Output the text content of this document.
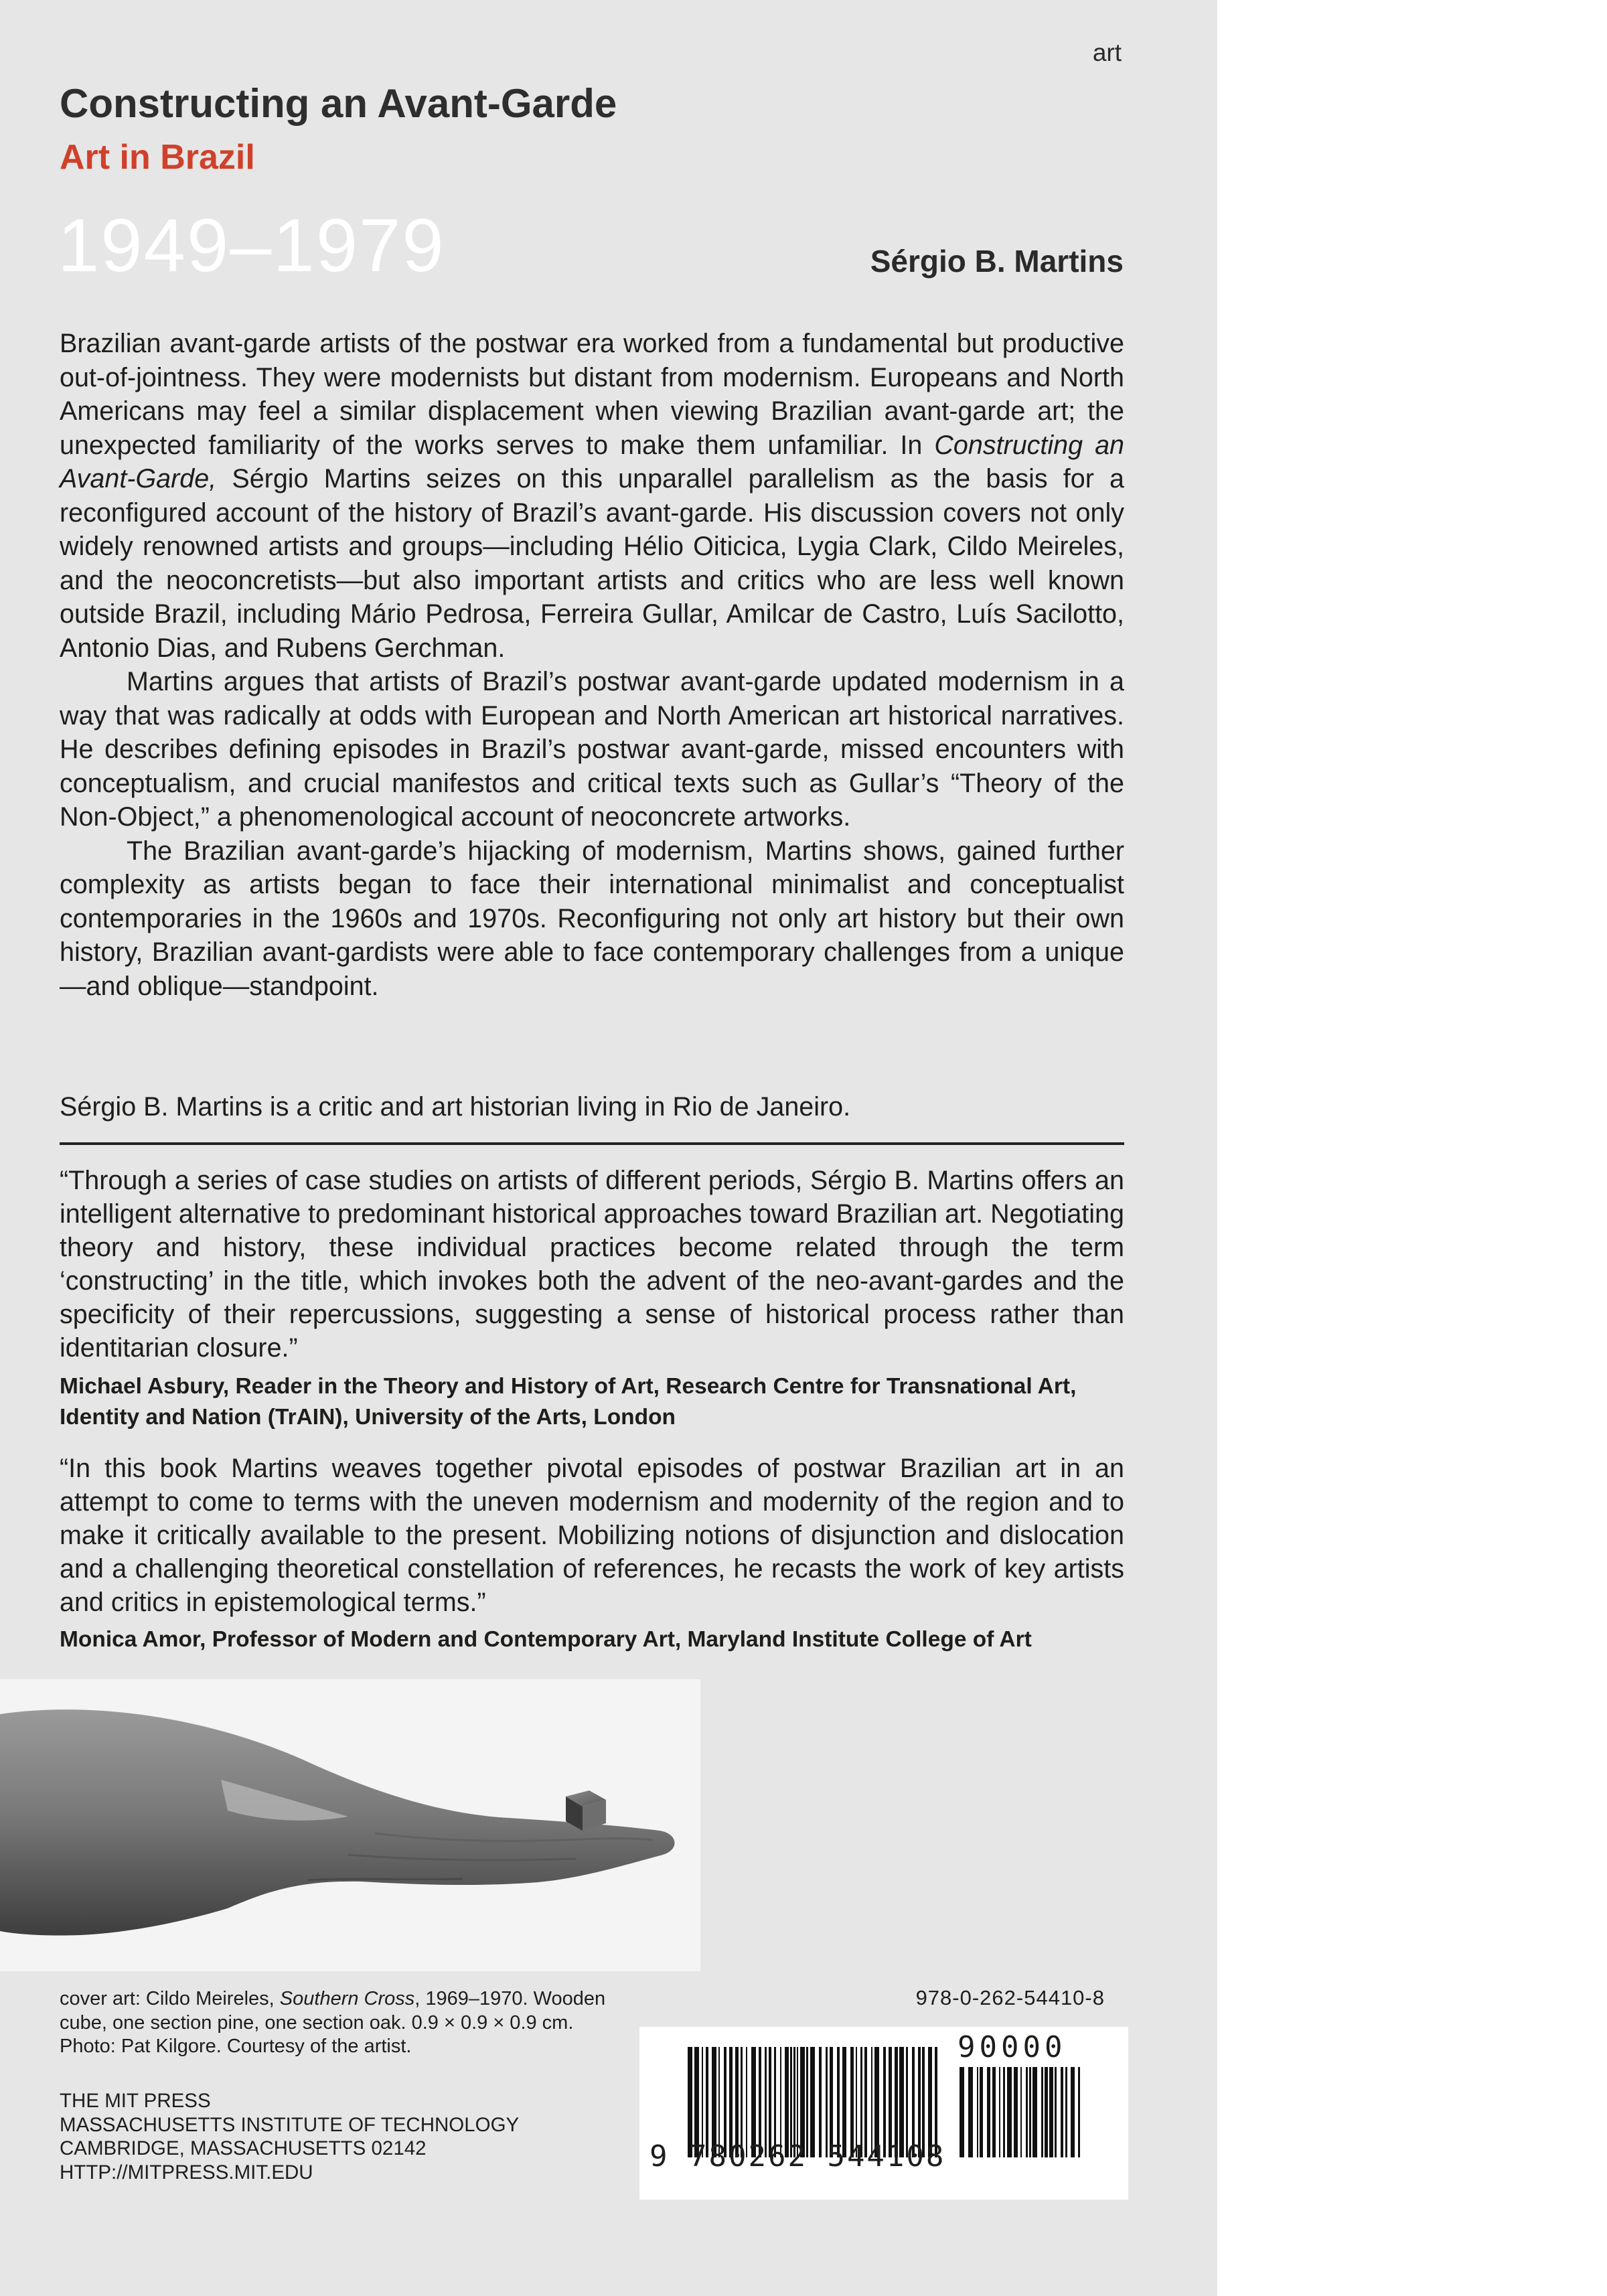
art
Constructing an Avant-Garde
Art in Brazil
1949–1979	Sérgio B. Martins

Brazilian avant-garde artists of the postwar era worked from a fundamental but productive out-of-jointness. They were modernists but distant from modernism. Europeans and North Americans may feel a similar displacement when viewing Brazilian avant-garde art; the unexpected familiarity of the works serves to make them unfamiliar. In Constructing an Avant-Garde, Sérgio Martins seizes on this unparallel parallelism as the basis for a reconfigured account of the history of Brazil’s avant-garde. His discussion covers not only widely renowned artists and groups—including Hélio Oiticica, Lygia Clark, Cildo Meireles, and the neoconcretists—but also important artists and critics who are less well known outside Brazil, including Mário Pedrosa, Ferreira Gullar, Amilcar de Castro, Luís Sacilotto, Antonio Dias, and Rubens Gerchman.

Martins argues that artists of Brazil’s postwar avant-garde updated modernism in a way that was radically at odds with European and North American art historical narratives. He describes defining episodes in Brazil’s postwar avant-garde, missed encounters with conceptualism, and crucial manifestos and critical texts such as Gullar’s “Theory of the Non-Object,” a phenomenological account of neoconcrete artworks.

The Brazilian avant-garde’s hijacking of modernism, Martins shows, gained further complexity as artists began to face their international minimalist and conceptualist contemporaries in the 1960s and 1970s. Reconfiguring not only art history but their own history, Brazilian avant-gardists were able to face contemporary challenges from a unique—and oblique—standpoint.

Sérgio B. Martins is a critic and art historian living in Rio de Janeiro.
“Through a series of case studies on artists of different periods, Sérgio B. Martins offers an intelligent alternative to predominant historical approaches toward Brazilian art. Negotiating theory and history, these individual practices become related through the term ‘constructing’ in the title, which invokes both the advent of the neo-avant-gardes and the specificity of their repercussions, suggesting a sense of historical process rather than identitarian closure.”
Michael Asbury, Reader in the Theory and History of Art, Research Centre for Transnational Art, Identity and Nation (TrAIN), University of the Arts, London
“In this book Martins weaves together pivotal episodes of postwar Brazilian art in an attempt to come to terms with the uneven modernism and modernity of the region and to make it critically available to the present. Mobilizing notions of disjunction and dislocation and a challenging theoretical constellation of references, he recasts the work of key artists and critics in epistemological terms.”
Monica Amor, Professor of Modern and Contemporary Art, Maryland Institute College of Art
cover art: Cildo Meireles, Southern Cross, 1969–1970. Wooden cube, one section pine, one section oak. 0.9 × 0.9 × 0.9 cm. Photo: Pat Kilgore. Courtesy of the artist.
THE MIT PRESS
MASSACHUSETTS INSTITUTE OF TECHNOLOGY
CAMBRIDGE, MASSACHUSETTS 02142
HTTP://MITPRESS.MIT.EDU
978-0-262-54410-8
90000
9 780262 544108
